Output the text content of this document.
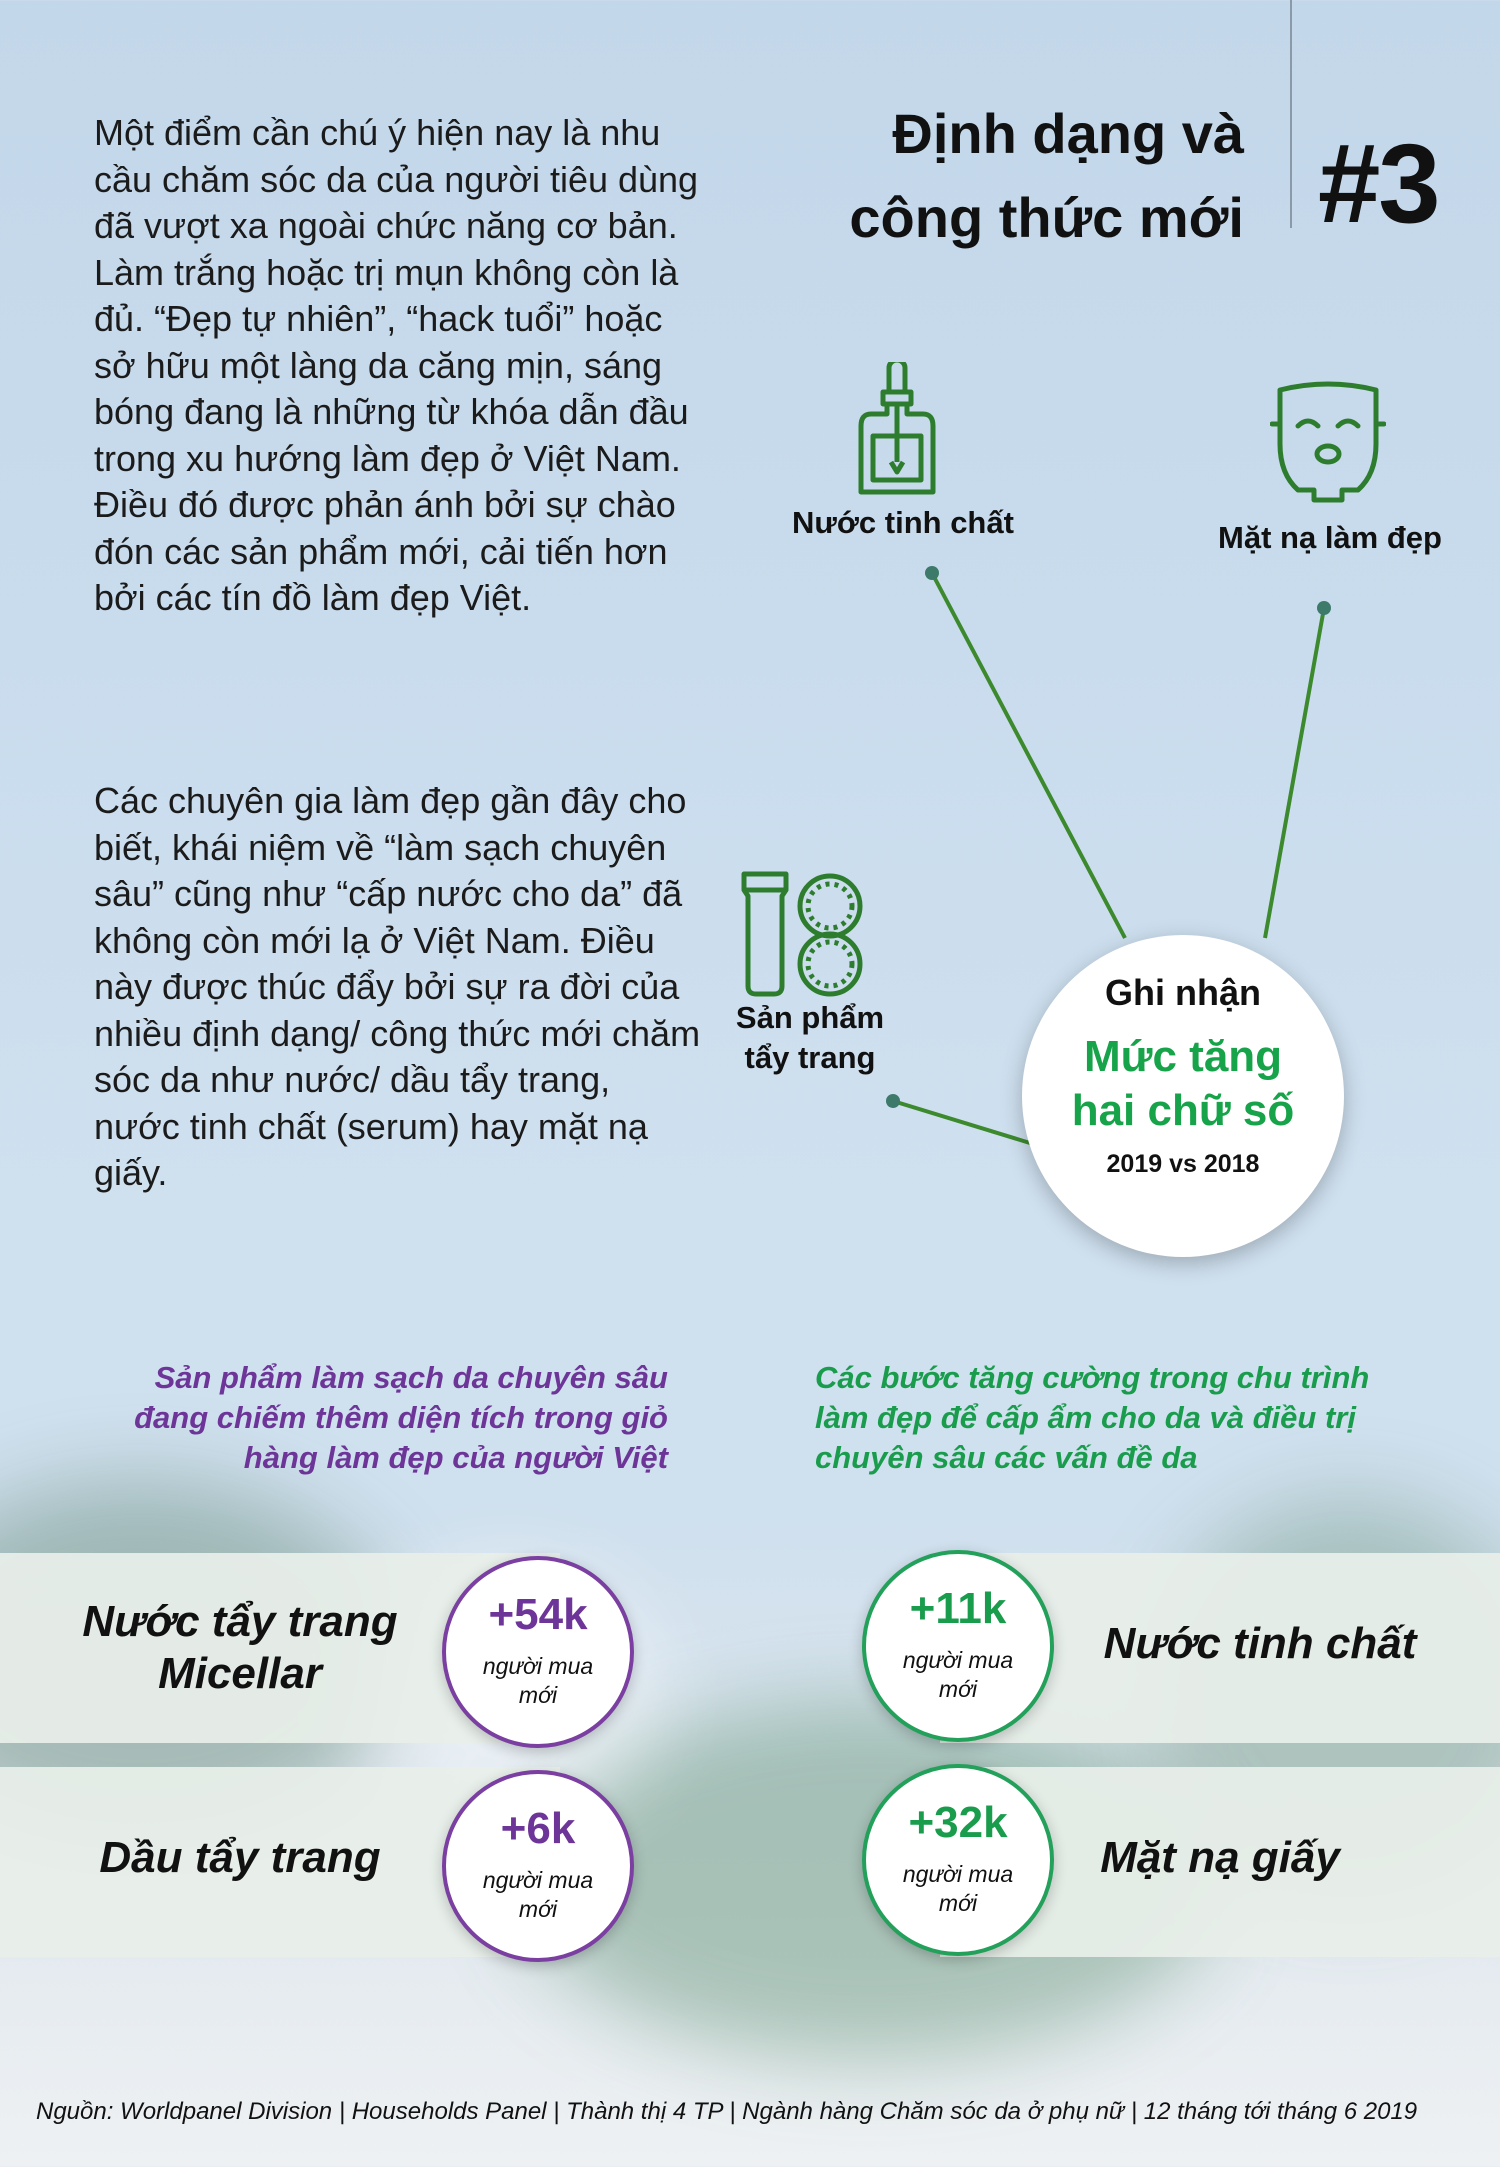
Định dạng và
công thức mới #3
Một điểm cần chú ý hiện nay là nhu cầu chăm sóc da của người tiêu dùng đã vượt xa ngoài chức năng cơ bản. Làm trắng hoặc trị mụn không còn là đủ. “Đẹp tự nhiên”, “hack tuổi” hoặc sở hữu một làng da căng mịn, sáng bóng đang là những từ khóa dẫn đầu trong xu hướng làm đẹp ở Việt Nam. Điều đó được phản ánh bởi sự chào đón các sản phẩm mới, cải tiến hơn bởi các tín đồ làm đẹp Việt.
Các chuyên gia làm đẹp gần đây cho biết, khái niệm về “làm sạch chuyên sâu” cũng như “cấp nước cho da” đã không còn mới lạ ở Việt Nam. Điều này được thúc đẩy bởi sự ra đời của nhiều định dạng/ công thức mới chăm sóc da như nước/ dầu tẩy trang, nước tinh chất (serum) hay mặt nạ giấy.
Nước tinh chất	Mặt nạ làm đẹp
Sản phẩm
tẩy trang
Ghi nhận
Mức tăng
hai chữ số
2019 vs 2018
Sản phẩm làm sạch da chuyên sâu
đang chiếm thêm diện tích trong giỏ
hàng làm đẹp của người Việt
Các bước tăng cường trong chu trình
làm đẹp để cấp ẩm cho da và điều trị
chuyên sâu các vấn đề da
Nước tẩy trang
Micellar
+54k
người mua
mới
Dầu tẩy trang
+6k
người mua
mới
+11k
người mua
mới
Nước tinh chất
+32k
người mua
mới
Mặt nạ giấy
Nguồn: Worldpanel Division | Households Panel | Thành thị 4 TP | Ngành hàng Chăm sóc da ở phụ nữ | 12 tháng tới tháng 6 2019
